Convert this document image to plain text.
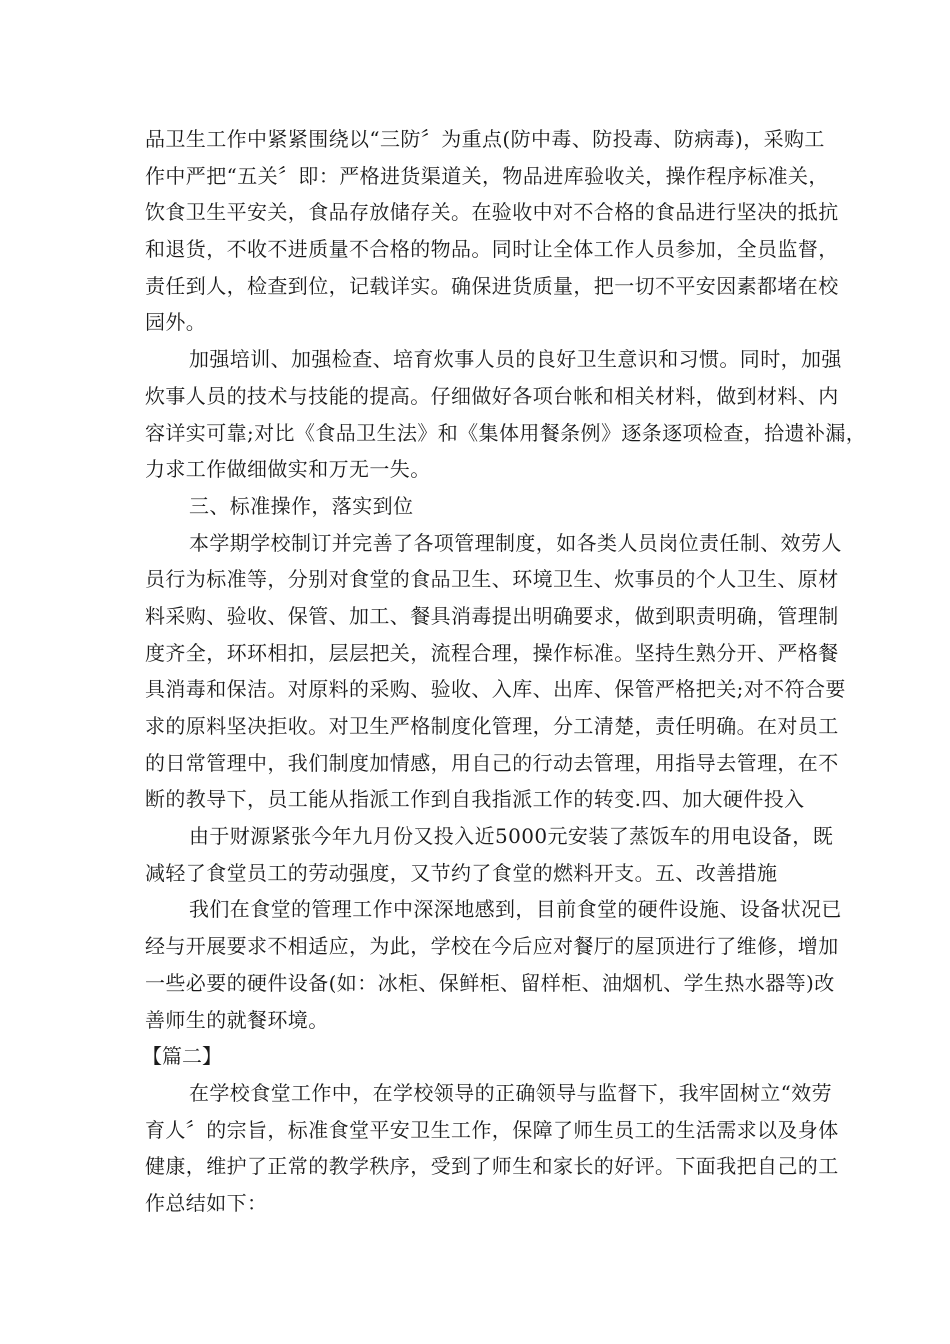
品卫生工作中紧紧围绕以“三防〞为重点(防中毒、防投毒、防病毒)，采购工
作中严把“五关〞即：严格进货渠道关，物品进库验收关，操作程序标准关，
饮食卫生平安关，食品存放储存关。在验收中对不合格的食品进行坚决的抵抗
和退货，不收不进质量不合格的物品。同时让全体工作人员参加，全员监督，
责任到人，检查到位，记载详实。确保进货质量，把一切不平安因素都堵在校
园外。
加强培训、加强检查、培育炊事人员的良好卫生意识和习惯。同时，加强
炊事人员的技术与技能的提高。仔细做好各项台帐和相关材料，做到材料、内
容详实可靠;对比《食品卫生法》和《集体用餐条例》逐条逐项检查，拾遗补漏，
力求工作做细做实和万无一失。
三、标准操作，落实到位
本学期学校制订并完善了各项管理制度，如各类人员岗位责任制、效劳人
员行为标准等，分别对食堂的食品卫生、环境卫生、炊事员的个人卫生、原材
料采购、验收、保管、加工、餐具消毒提出明确要求，做到职责明确，管理制
度齐全，环环相扣，层层把关，流程合理，操作标准。坚持生熟分开、严格餐
具消毒和保洁。对原料的采购、验收、入库、出库、保管严格把关;对不符合要
求的原料坚决拒收。对卫生严格制度化管理，分工清楚，责任明确。在对员工
的日常管理中，我们制度加情感，用自己的行动去管理，用指导去管理，在不
断的教导下，员工能从指派工作到自我指派工作的转变.四、加大硬件投入
由于财源紧张今年九月份又投入近5000元安装了蒸饭车的用电设备，既
减轻了食堂员工的劳动强度，又节约了食堂的燃料开支。五、改善措施
我们在食堂的管理工作中深深地感到，目前食堂的硬件设施、设备状况已
经与开展要求不相适应，为此，学校在今后应对餐厅的屋顶进行了维修，增加
一些必要的硬件设备(如：冰柜、保鲜柜、留样柜、油烟机、学生热水器等)改
善师生的就餐环境。
【篇二】
在学校食堂工作中，在学校领导的正确领导与监督下，我牢固树立“效劳
育人〞的宗旨，标准食堂平安卫生工作，保障了师生员工的生活需求以及身体
健康，维护了正常的教学秩序，受到了师生和家长的好评。下面我把自己的工
作总结如下：
